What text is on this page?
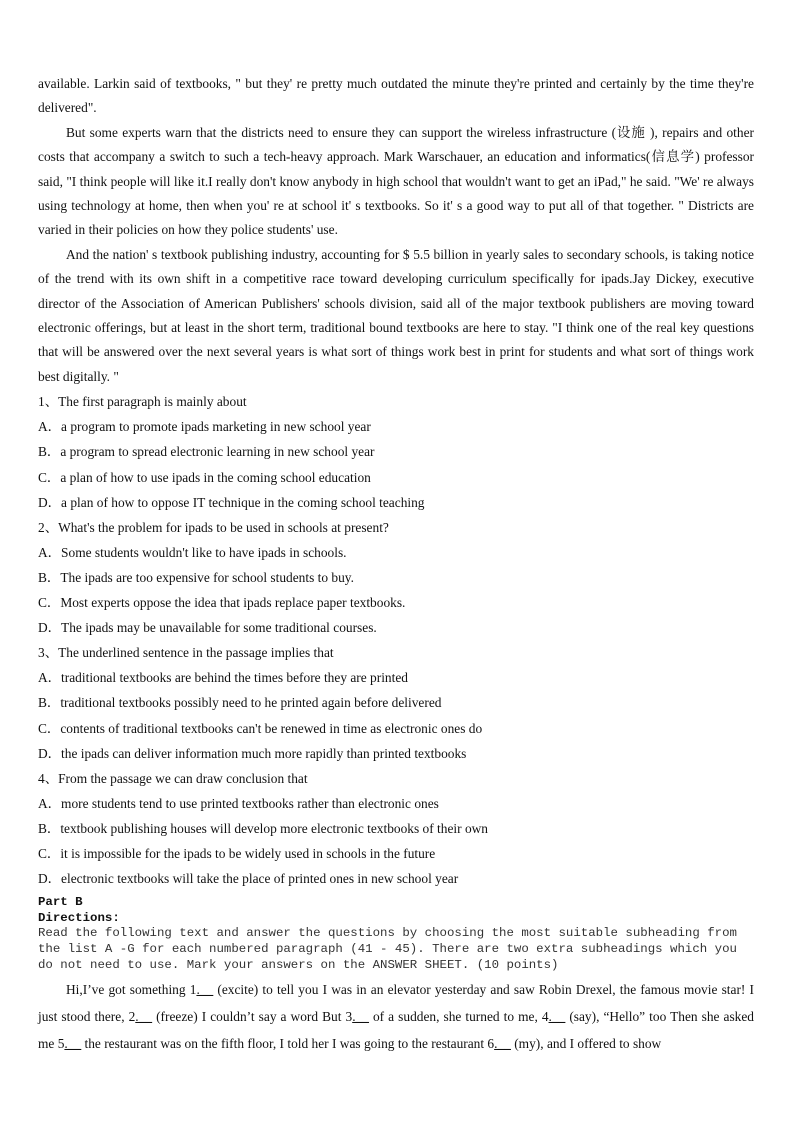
available. Larkin said of textbooks, " but they' re pretty much outdated the minute they're printed and certainly by the time they're delivered".

But some experts warn that the districts need to ensure they can support the wireless infrastructure (设施 ), repairs and other costs that accompany a switch to such a tech-heavy approach. Mark Warschauer, an education and informatics(信息学) professor said, "I think people will like it.I really don't know anybody in high school that wouldn't want to get an iPad," he said. "We' re always using technology at home, then when you' re at school it' s textbooks. So it' s a good way to put all of that together. " Districts are varied in their policies on how they police students' use.

And the nation' s textbook publishing industry, accounting for $ 5.5 billion in yearly sales to secondary schools, is taking notice of the trend with its own shift in a competitive race toward developing curriculum specifically for ipads.Jay Dickey, executive director of the Association of American Publishers' schools division, said all of the major textbook publishers are moving toward electronic offerings, but at least in the short term, traditional bound textbooks are here to stay. "I think one of the real key questions that will be answered over the next several years is what sort of things work best in print for students and what sort of things work best digitally. "

1、The first paragraph is mainly about

A．a program to promote ipads marketing in new school year

B．a program to spread electronic learning in new school year

C．a plan of how to use ipads in the coming school education

D．a plan of how to oppose IT technique in the coming school teaching

2、What's the problem for ipads to be used in schools at present?

A．Some students wouldn't like to have ipads in schools.

B．The ipads are too expensive for school students to buy.

C．Most experts oppose the idea that ipads replace paper textbooks.

D．The ipads may be unavailable for some traditional courses.

3、The underlined sentence in the passage implies that

A．traditional textbooks are behind the times before they are printed

B．traditional textbooks possibly need to he printed again before delivered

C．contents of traditional textbooks can't be renewed in time as electronic ones do

D．the ipads can deliver information much more rapidly than printed textbooks

4、From the passage we can draw conclusion that

A．more students tend to use printed textbooks rather than electronic ones

B．textbook publishing houses will develop more electronic textbooks of their own

C．it is impossible for the ipads to be widely used in schools in the future

D．electronic textbooks will take the place of printed ones in new school year

Part B

Directions:

Read the following text and answer the questions by choosing the most suitable subheading from the list A -G for each numbered paragraph (41 - 45). There are two extra subheadings which you do not need to use. Mark your answers on the ANSWER SHEET. (10 points)

Hi,I’ve got something 1.__ (excite) to tell you I was in an elevator yesterday and saw Robin Drexel, the famous movie star! I just stood there, 2.__ (freeze) I couldn’t say a word But 3.__ of a sudden, she turned to me, 4.__ (say), “Hello” too Then she asked me 5.__ the restaurant was on the fifth floor, I told her I was going to the restaurant 6.__ (my), and I offered to show
